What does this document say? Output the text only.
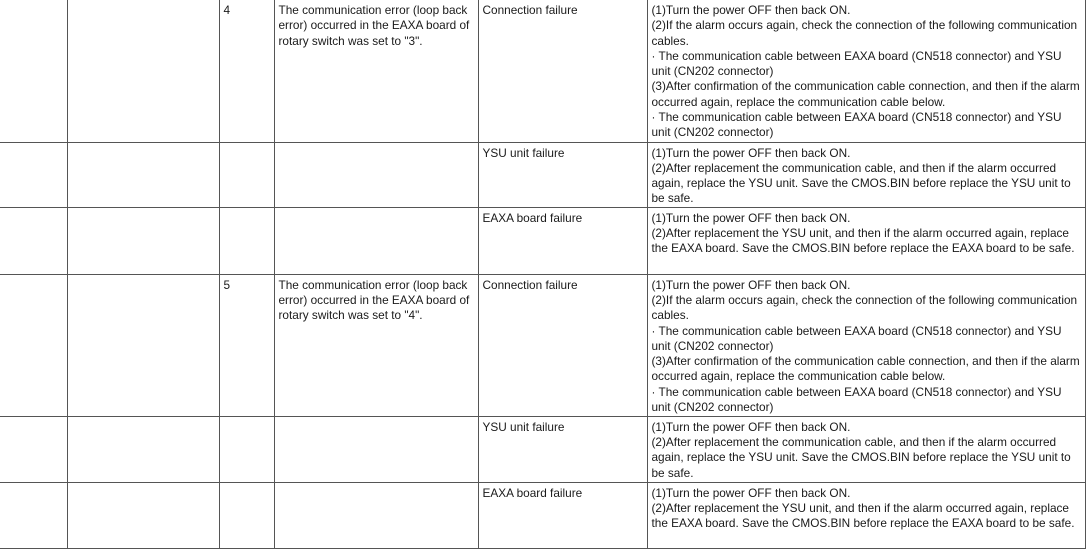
		4	The communication error (loop back error) occurred in the EAXA board of rotary switch was set to "3".	Connection failure	(1)Turn the power OFF then back ON.
(2)If the alarm occurs again, check the connection of the following communication cables.
· The communication cable between EAXA board (CN518 connector) and YSU unit (CN202 connector)
(3)After confirmation of the communication cable connection, and then if the alarm occurred again, replace the communication cable below.
· The communication cable between EAXA board (CN518 connector) and YSU unit (CN202 connector)

				YSU unit failure	(1)Turn the power OFF then back ON.
(2)After replacement the communication cable, and then if the alarm occurred again, replace the YSU unit. Save the CMOS.BIN before replace the YSU unit to be safe.

				EAXA board failure	(1)Turn the power OFF then back ON.
(2)After replacement the YSU unit, and then if the alarm occurred again, replace the EAXA board. Save the CMOS.BIN before replace the EAXA board to be safe.

		5	The communication error (loop back error) occurred in the EAXA board of rotary switch was set to "4".	Connection failure	(1)Turn the power OFF then back ON.
(2)If the alarm occurs again, check the connection of the following communication cables.
· The communication cable between EAXA board (CN518 connector) and YSU unit (CN202 connector)
(3)After confirmation of the communication cable connection, and then if the alarm occurred again, replace the communication cable below.
· The communication cable between EAXA board (CN518 connector) and YSU unit (CN202 connector)

				YSU unit failure	(1)Turn the power OFF then back ON.
(2)After replacement the communication cable, and then if the alarm occurred again, replace the YSU unit. Save the CMOS.BIN before replace the YSU unit to be safe.

				EAXA board failure	(1)Turn the power OFF then back ON.
(2)After replacement the YSU unit, and then if the alarm occurred again, replace the EAXA board. Save the CMOS.BIN before replace the EAXA board to be safe.
